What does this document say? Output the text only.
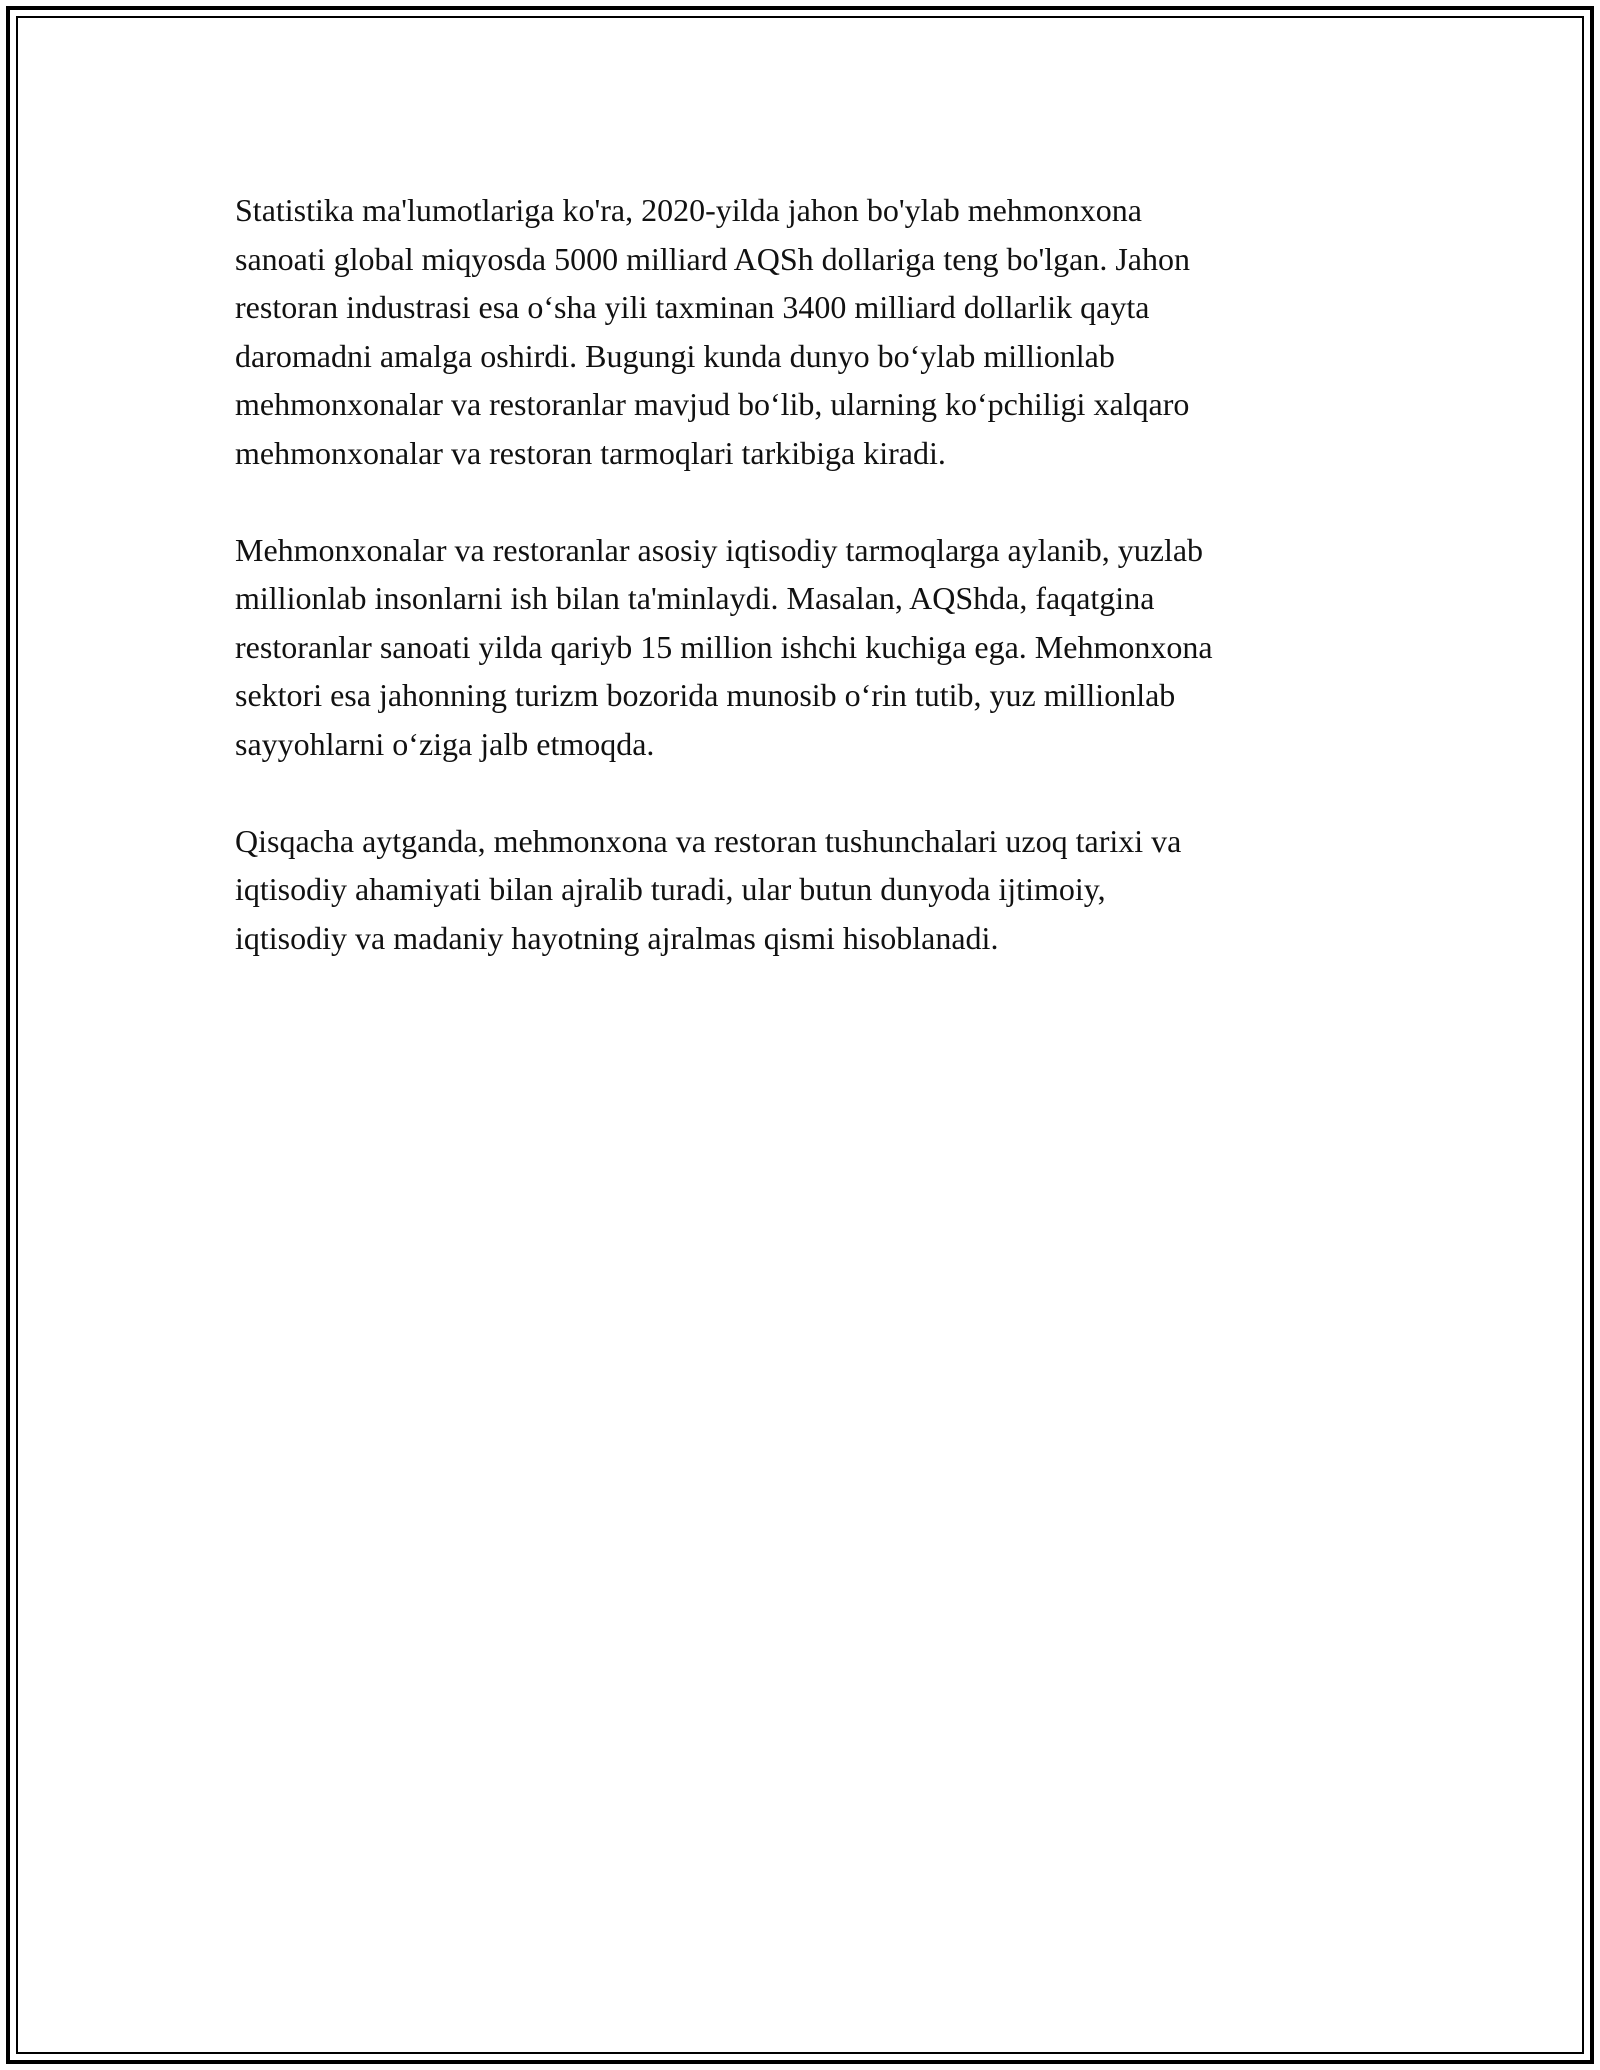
Statistika ma'lumotlariga ko'ra, 2020-yilda jahon bo'ylab mehmonxona
sanoati global miqyosda 5000 milliard AQSh dollariga teng bo'lgan. Jahon
restoran industrasi esa o‘sha yili taxminan 3400 milliard dollarlik qayta
daromadni amalga oshirdi. Bugungi kunda dunyo bo‘ylab millionlab
mehmonxonalar va restoranlar mavjud bo‘lib, ularning ko‘pchiligi xalqaro
mehmonxonalar va restoran tarmoqlari tarkibiga kiradi.

Mehmonxonalar va restoranlar asosiy iqtisodiy tarmoqlarga aylanib, yuzlab
millionlab insonlarni ish bilan ta'minlaydi. Masalan, AQShda, faqatgina
restoranlar sanoati yilda qariyb 15 million ishchi kuchiga ega. Mehmonxona
sektori esa jahonning turizm bozorida munosib o‘rin tutib, yuz millionlab
sayyohlarni o‘ziga jalb etmoqda.

Qisqacha aytganda, mehmonxona va restoran tushunchalari uzoq tarixi va
iqtisodiy ahamiyati bilan ajralib turadi, ular butun dunyoda ijtimoiy,
iqtisodiy va madaniy hayotning ajralmas qismi hisoblanadi.
